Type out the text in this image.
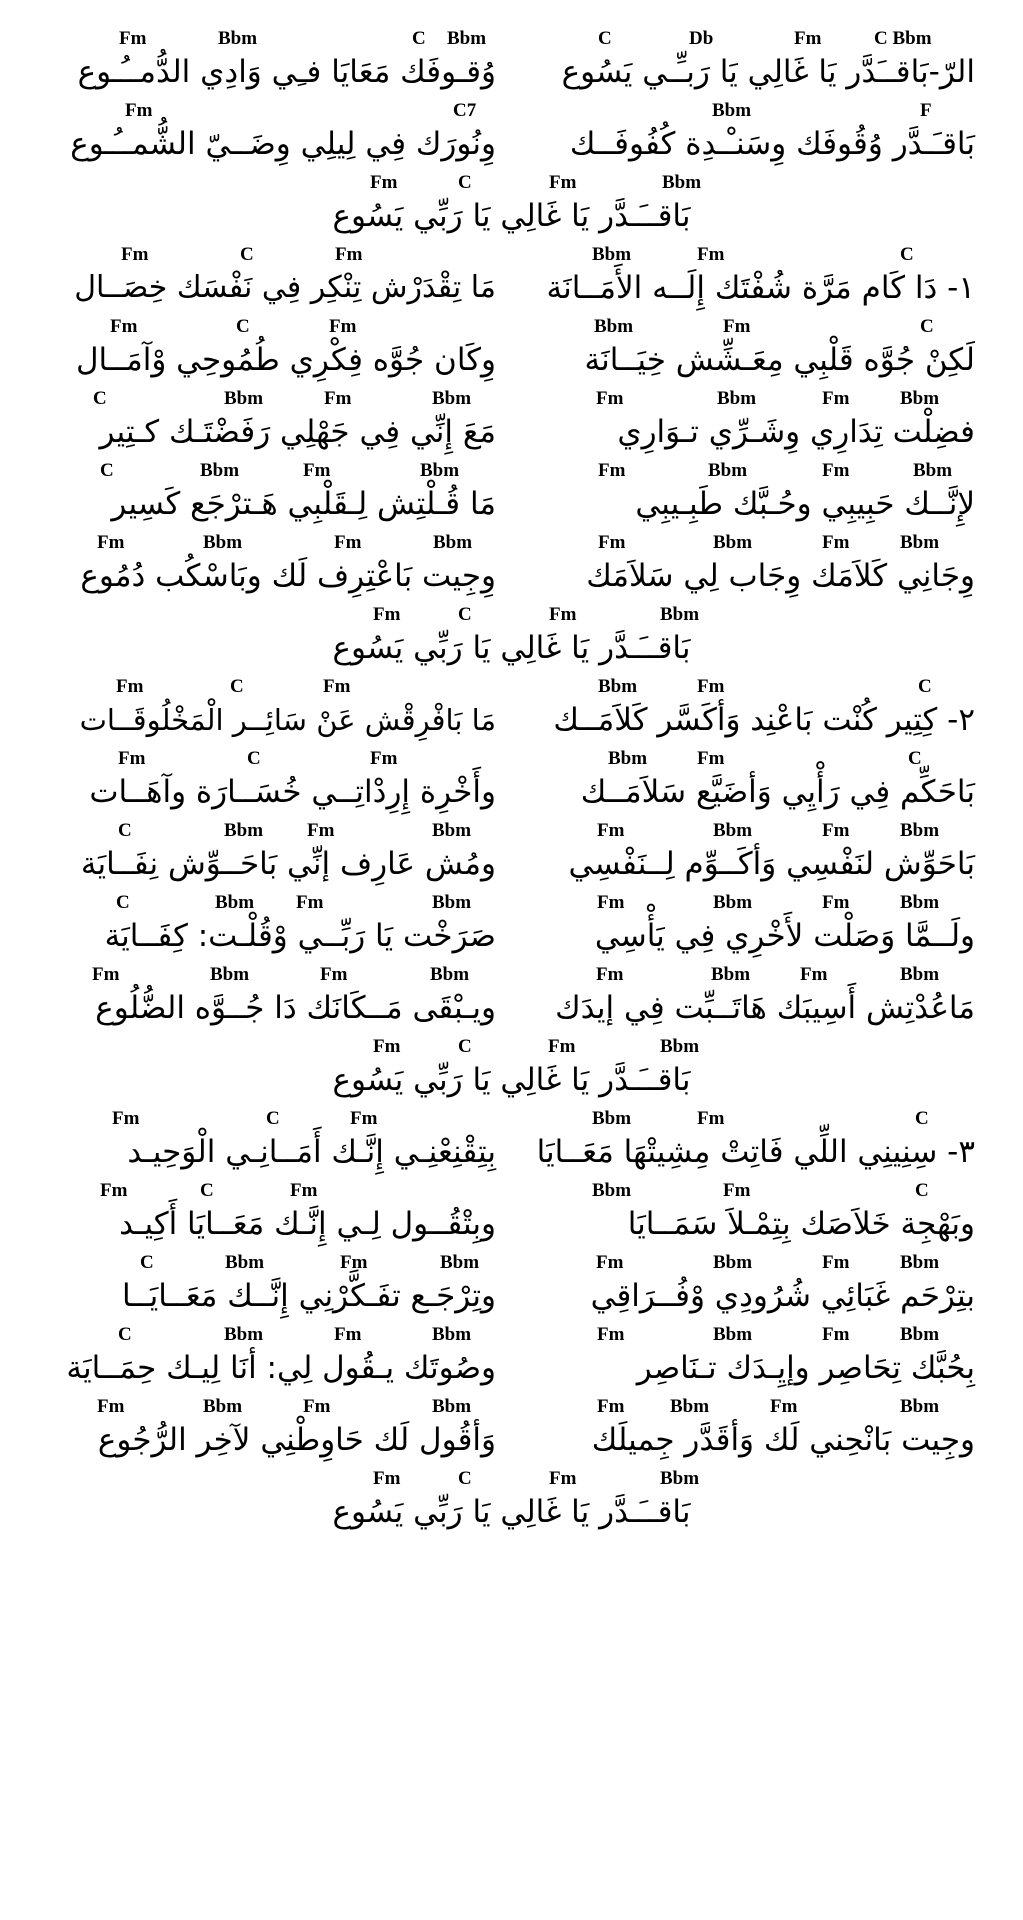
Fm	Bbm	C Bbm	C	Db	Fm	C Bbm
الرّ-بَاقــَدَّر يَا غَالِي يَا رَبـِّـي يَسُوع
وُقـوفَك مَعَايَا فـِي وَادِي الدُّمــُـوع
Fm	C7	Bbm	F
بَاقـَـدَّر وُقُوفَك وِسَنـْـدِة كُفُوفَــك
وِنُورَك فِي لِيلِي وِضَــيّ الشُّمــُـوع
Fm	C	Fm	Bbm
بَاقــَـدَّر يَا غَالِي يَا رَبِّي يَسُوع
Fm	C	Fm	Bbm	Fm	C
١- دَا كَام مَرَّة شُفْتَك إِلَــه الأَمَــانَة
مَا تِقْدَرْش تِنْكِر فِي نَفْسَك خِصَــال
Fm	C	Fm	Bbm	Fm	C
لَكِنْ جُوَّه قَلْبِي مِعَـشِّش خِيَــانَة
وِكَان جُوَّه فِكْرِي طُمُوحِي وْآمَــال
C	Bbm	Fm	Bbm	Fm	Bbm	Fm	Bbm
فضِلْت تِدَارِي وِشَـرِّي تـوَارِي
مَعَ إِنِّي فِي جَهْلِي رَفَضْتَـك كـتِير
C	Bbm	Fm	Bbm	Fm	Bbm	Fm	Bbm
لإِنَّــك حَبِيبِي وحُـبَّك طَبِـيبِي
مَا قُـلْتِش لِـقَلْبِي هَـترْجَع كَسِير
Fm	Bbm	Fm	Bbm	Fm	Bbm	Fm	Bbm
وِجَانِي كَلاَمَك وِجَاب لِي سَلاَمَك
وِجِيت بَاعْتِرِف لَك وبَاسْكُب دُمُوع
Fm	C	Fm	Bbm
بَاقــَـدَّر يَا غَالِي يَا رَبِّي يَسُوع
Fm	C	Fm	Bbm	Fm	C
٢- كِتِير كُنْت بَاعْنِد وَأكَسَّر كَلاَمَــك
مَا بَافْرِقْش عَنْ سَائِــر الْمَخْلُوقَــات
Fm	C	Fm	Bbm	Fm	C
بَاحَكِّم فِي رَأْيِي وَأضَيَّع سَلاَمَــك
وأَخْرِة إِرِدْاتِــي خُسَــارَة وآهَــات
C	Bbm Fm	Bbm	Fm	Bbm	Fm	Bbm
بَاحَوِّش لنَفْسِي وَأكَــوِّم لِــنَفْسِي
ومُش عَارِف إنِّي بَاحَــوِّش نِفَــايَة
C	Bbm Fm	Bbm	Fm	Bbm	Fm	Bbm
ولَــمَّا وَصَلْت لأَخْرِي فِي يَأْسِي
صَرَخْت يَا رَبِّــي وْقُلْـت: كِفَــايَة
Fm	Bbm	Fm	Bbm	Fm	Bbm	Fm	Bbm
مَاعُدْتِش أَسِيبَك هَاتَــبِّت فِي إيدَك
ويـبْقَى مَــكَانَك دَا جُــوَّه الضُّلُوع
Fm	C	Fm	Bbm
بَاقــَـدَّر يَا غَالِي يَا رَبِّي يَسُوع
Fm	C	Fm	Bbm	Fm	C
٣- سِنِينِي اللِّي فَاتِتْ مِشِيتْهَا مَعَــايَا
بِتِقْنِعْنِـي إِنَّـك أَمَــانِـي الْوَحِيـد
Fm	C	Fm	Bbm	Fm	C
وبَهْجِة خَلاَصَك بِتِمْـلاَ سَمَــايَا
وبِتْقُــول لِـي إِنَّـك مَعَــايَا أَكِيـد
C	Bbm	Fm	Bbm	Fm	Bbm	Fm	Bbm
بتِرْحَم غَبَائِي شُرُودِي وْفُــرَاقِي
وتِرْجَـع تفَـكَّرْنِي إِنَّــك مَعَــايَــا
C	Bbm	Fm	Bbm	Fm	Bbm	Fm	Bbm
بِحُبَّك تِحَاصِر وإيِـدَك تـنَاصِر
وصُوتَك يـقُول لِي: أنَا لِيـك حِمَــايَة
Fm	Bbm	Fm	Bbm	Fm Bbm	Fm	Bbm
وجِيت بَانْحِني لَك وَأقَدَّر جِميلَك
وَأقُول لَك حَاوِطْنِي لآخِر الرُّجُوع
Fm	C	Fm	Bbm
بَاقــَـدَّر يَا غَالِي يَا رَبِّي يَسُوع
